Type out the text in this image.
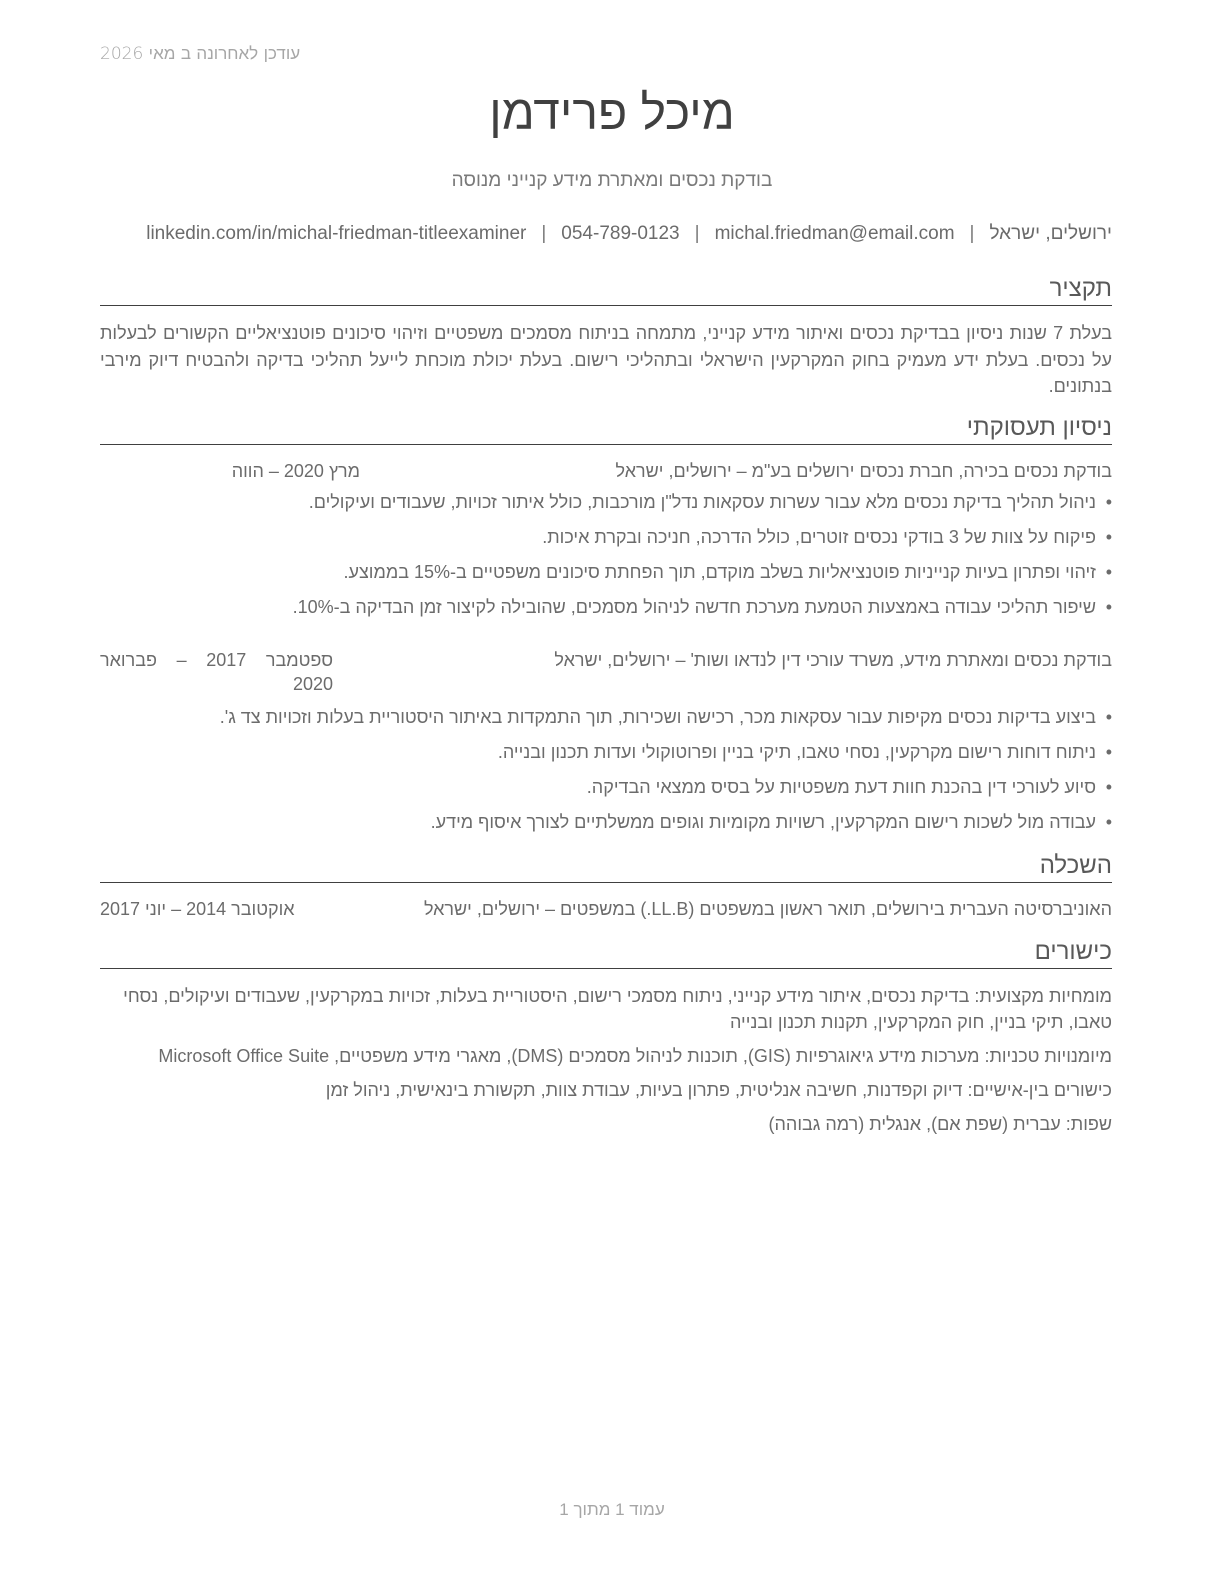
עודכן לאחרונה ב מאי 2026
מיכל פרידמן
בודקת נכסים ומאתרת מידע קנייני מנוסה
ירושלים, ישראל|michal.friedman@email.com|054-789-0123|linkedin.com/in/michal-friedman-titleexaminer
תקציר
בעלת 7 שנות ניסיון בבדיקת נכסים ואיתור מידע קנייני, מתמחה בניתוח מסמכים משפטיים וזיהוי סיכונים פוטנציאליים הקשורים לבעלות על נכסים. בעלת ידע מעמיק בחוק המקרקעין הישראלי ובתהליכי רישום. בעלת יכולת מוכחת לייעל תהליכי בדיקה ולהבטיח דיוק מירבי בנתונים.
ניסיון תעסוקתי
בודקת נכסים בכירה, חברת נכסים ירושלים בע"מ – ירושלים, ישראל
מרץ 2020 – הווה
• ניהול תהליך בדיקת נכסים מלא עבור עשרות עסקאות נדל"ן מורכבות, כולל איתור זכויות, שעבודים ועיקולים.
• פיקוח על צוות של 3 בודקי נכסים זוטרים, כולל הדרכה, חניכה ובקרת איכות.
• זיהוי ופתרון בעיות קנייניות פוטנציאליות בשלב מוקדם, תוך הפחתת סיכונים משפטיים ב-15% בממוצע.
• שיפור תהליכי עבודה באמצעות הטמעת מערכת חדשה לניהול מסמכים, שהובילה לקיצור זמן הבדיקה ב-10%.
בודקת נכסים ומאתרת מידע, משרד עורכי דין לנדאו ושות' – ירושלים, ישראל
ספטמבר 2017 – פברואר 2020
• ביצוע בדיקות נכסים מקיפות עבור עסקאות מכר, רכישה ושכירות, תוך התמקדות באיתור היסטוריית בעלות וזכויות צד ג'.
• ניתוח דוחות רישום מקרקעין, נסחי טאבו, תיקי בניין ופרוטוקולי ועדות תכנון ובנייה.
• סיוע לעורכי דין בהכנת חוות דעת משפטיות על בסיס ממצאי הבדיקה.
• עבודה מול לשכות רישום המקרקעין, רשויות מקומיות וגופים ממשלתיים לצורך איסוף מידע.
השכלה
האוניברסיטה העברית בירושלים, תואר ראשון במשפטים (LL.B.) במשפטים – ירושלים, ישראל
אוקטובר 2014 – יוני 2017
כישורים
מומחיות מקצועית: בדיקת נכסים, איתור מידע קנייני, ניתוח מסמכי רישום, היסטוריית בעלות, זכויות במקרקעין, שעבודים ועיקולים, נסחי טאבו, תיקי בניין, חוק המקרקעין, תקנות תכנון ובנייה
מיומנויות טכניות: מערכות מידע גיאוגרפיות (GIS), תוכנות לניהול מסמכים (DMS), מאגרי מידע משפטיים, Microsoft Office Suite
כישורים בין-אישיים: דיוק וקפדנות, חשיבה אנליטית, פתרון בעיות, עבודת צוות, תקשורת בינאישית, ניהול זמן
שפות: עברית (שפת אם), אנגלית (רמה גבוהה)
עמוד 1 מתוך 1
